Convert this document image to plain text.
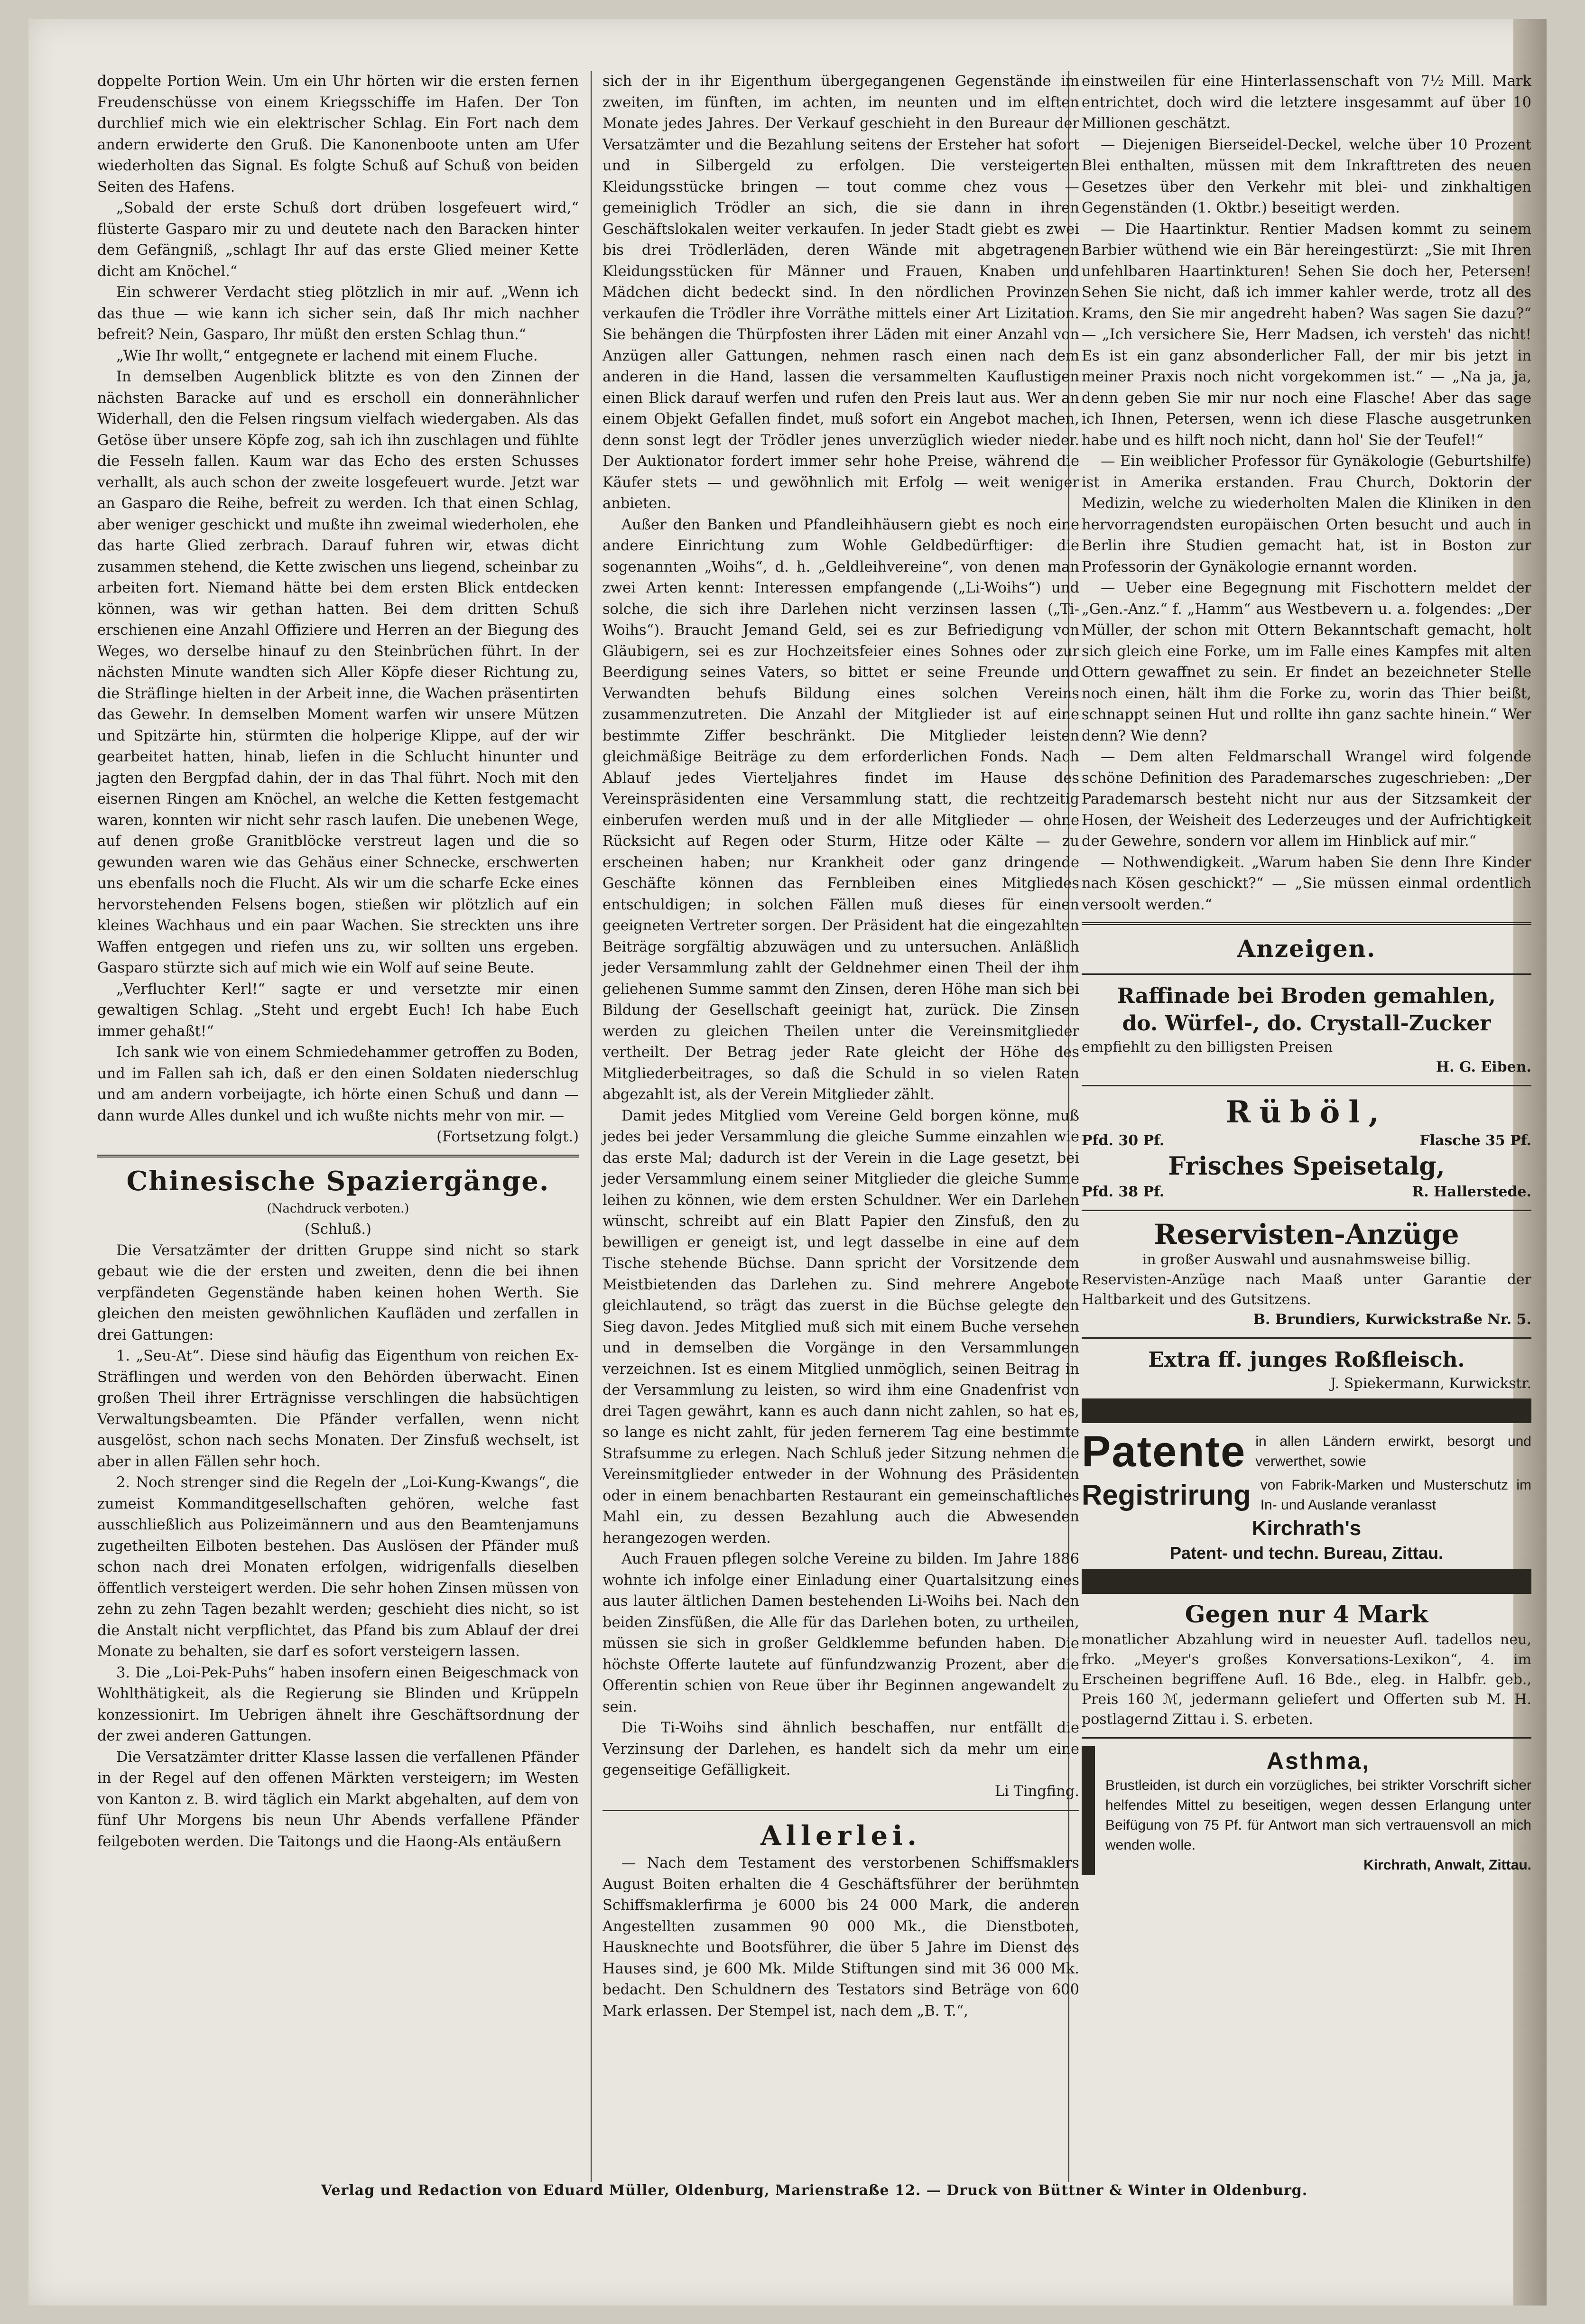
doppelte Portion Wein. Um ein Uhr hörten wir die ersten fernen Freudenschüsse von einem Kriegsschiffe im Hafen. Der Ton durchlief mich wie ein elektrischer Schlag. Ein Fort nach dem andern erwiderte den Gruß. Die Kanonenboote unten am Ufer wiederholten das Signal. Es folgte Schuß auf Schuß von beiden Seiten des Hafens.

„Sobald der erste Schuß dort drüben losgefeuert wird,“ flüsterte Gasparo mir zu und deutete nach den Baracken hinter dem Gefängniß, „schlagt Ihr auf das erste Glied meiner Kette dicht am Knöchel.“

Ein schwerer Verdacht stieg plötzlich in mir auf. „Wenn ich das thue — wie kann ich sicher sein, daß Ihr mich nachher befreit? Nein, Gasparo, Ihr müßt den ersten Schlag thun.“

„Wie Ihr wollt,“ entgegnete er lachend mit einem Fluche.

In demselben Augenblick blitzte es von den Zinnen der nächsten Baracke auf und es erscholl ein donnerähnlicher Widerhall, den die Felsen ringsum vielfach wiedergaben. Als das Getöse über unsere Köpfe zog, sah ich ihn zuschlagen und fühlte die Fesseln fallen. Kaum war das Echo des ersten Schusses verhallt, als auch schon der zweite losgefeuert wurde. Jetzt war an Gasparo die Reihe, befreit zu werden. Ich that einen Schlag, aber weniger geschickt und mußte ihn zweimal wiederholen, ehe das harte Glied zerbrach. Darauf fuhren wir, etwas dicht zusammen stehend, die Kette zwischen uns liegend, scheinbar zu arbeiten fort. Niemand hätte bei dem ersten Blick entdecken können, was wir gethan hatten. Bei dem dritten Schuß erschienen eine Anzahl Offiziere und Herren an der Biegung des Weges, wo derselbe hinauf zu den Steinbrüchen führt. In der nächsten Minute wandten sich Aller Köpfe dieser Richtung zu, die Sträflinge hielten in der Arbeit inne, die Wachen präsentirten das Gewehr. In demselben Moment warfen wir unsere Mützen und Spitzärte hin, stürmten die holperige Klippe, auf der wir gearbeitet hatten, hinab, liefen in die Schlucht hinunter und jagten den Bergpfad dahin, der in das Thal führt. Noch mit den eisernen Ringen am Knöchel, an welche die Ketten festgemacht waren, konnten wir nicht sehr rasch laufen. Die unebenen Wege, auf denen große Granitblöcke verstreut lagen und die so gewunden waren wie das Gehäus einer Schnecke, erschwerten uns ebenfalls noch die Flucht. Als wir um die scharfe Ecke eines hervorstehenden Felsens bogen, stießen wir plötzlich auf ein kleines Wachhaus und ein paar Wachen. Sie streckten uns ihre Waffen entgegen und riefen uns zu, wir sollten uns ergeben. Gasparo stürzte sich auf mich wie ein Wolf auf seine Beute.

„Verfluchter Kerl!“ sagte er und versetzte mir einen gewaltigen Schlag. „Steht und ergebt Euch! Ich habe Euch immer gehaßt!“

Ich sank wie von einem Schmiedehammer getroffen zu Boden, und im Fallen sah ich, daß er den einen Soldaten niederschlug und am andern vorbeijagte, ich hörte einen Schuß und dann — dann wurde Alles dunkel und ich wußte nichts mehr von mir. —

(Fortsetzung folgt.)

Chinesische Spaziergänge.

(Nachdruck verboten.)

(Schluß.)

Die Versatzämter der dritten Gruppe sind nicht so stark gebaut wie die der ersten und zweiten, denn die bei ihnen verpfändeten Gegenstände haben keinen hohen Werth. Sie gleichen den meisten gewöhnlichen Kaufläden und zerfallen in drei Gattungen:

1. „Seu-At“. Diese sind häufig das Eigenthum von reichen Ex-Sträflingen und werden von den Behörden überwacht. Einen großen Theil ihrer Erträgnisse verschlingen die habsüchtigen Verwaltungsbeamten. Die Pfänder verfallen, wenn nicht ausgelöst, schon nach sechs Monaten. Der Zinsfuß wechselt, ist aber in allen Fällen sehr hoch.

2. Noch strenger sind die Regeln der „Loi-Kung-Kwangs“, die zumeist Kommanditgesellschaften gehören, welche fast ausschließlich aus Polizeimännern und aus den Beamtenjamuns zugetheilten Eilboten bestehen. Das Auslösen der Pfänder muß schon nach drei Monaten erfolgen, widrigenfalls dieselben öffentlich versteigert werden. Die sehr hohen Zinsen müssen von zehn zu zehn Tagen bezahlt werden; geschieht dies nicht, so ist die Anstalt nicht verpflichtet, das Pfand bis zum Ablauf der drei Monate zu behalten, sie darf es sofort versteigern lassen.

3. Die „Loi-Pek-Puhs“ haben insofern einen Beigeschmack von Wohlthätigkeit, als die Regierung sie Blinden und Krüppeln konzessionirt. Im Uebrigen ähnelt ihre Geschäftsordnung der der zwei anderen Gattungen.

Die Versatzämter dritter Klasse lassen die verfallenen Pfänder in der Regel auf den offenen Märkten versteigern; im Westen von Kanton z. B. wird täglich ein Markt abgehalten, auf dem von fünf Uhr Morgens bis neun Uhr Abends verfallene Pfänder feilgeboten werden. Die Taitongs und die Haong-Als entäußern

sich der in ihr Eigenthum übergegangenen Gegenstände im zweiten, im fünften, im achten, im neunten und im elften Monate jedes Jahres. Der Verkauf geschieht in den Bureaur der Versatzämter und die Bezahlung seitens der Ersteher hat sofort und in Silbergeld zu erfolgen. Die versteigerten Kleidungsstücke bringen — tout comme chez vous — gemeiniglich Trödler an sich, die sie dann in ihren Geschäftslokalen weiter verkaufen. In jeder Stadt giebt es zwei bis drei Trödlerläden, deren Wände mit abgetragenen Kleidungsstücken für Männer und Frauen, Knaben und Mädchen dicht bedeckt sind. In den nördlichen Provinzen verkaufen die Trödler ihre Vorräthe mittels einer Art Lizitation. Sie behängen die Thürpfosten ihrer Läden mit einer Anzahl von Anzügen aller Gattungen, nehmen rasch einen nach dem anderen in die Hand, lassen die versammelten Kauflustigen einen Blick darauf werfen und rufen den Preis laut aus. Wer an einem Objekt Gefallen findet, muß sofort ein Angebot machen, denn sonst legt der Trödler jenes unverzüglich wieder nieder. Der Auktionator fordert immer sehr hohe Preise, während die Käufer stets — und gewöhnlich mit Erfolg — weit weniger anbieten.

Außer den Banken und Pfandleihhäusern giebt es noch eine andere Einrichtung zum Wohle Geldbedürftiger: die sogenannten „Woihs“, d. h. „Geldleihvereine“, von denen man zwei Arten kennt: Interessen empfangende („Li-Woihs“) und solche, die sich ihre Darlehen nicht verzinsen lassen („Ti-Woihs“). Braucht Jemand Geld, sei es zur Befriedigung von Gläubigern, sei es zur Hochzeitsfeier eines Sohnes oder zur Beerdigung seines Vaters, so bittet er seine Freunde und Verwandten behufs Bildung eines solchen Vereins zusammenzutreten. Die Anzahl der Mitglieder ist auf eine bestimmte Ziffer beschränkt. Die Mitglieder leisten gleichmäßige Beiträge zu dem erforderlichen Fonds. Nach Ablauf jedes Vierteljahres findet im Hause des Vereinspräsidenten eine Versammlung statt, die rechtzeitig einberufen werden muß und in der alle Mitglieder — ohne Rücksicht auf Regen oder Sturm, Hitze oder Kälte — zu erscheinen haben; nur Krankheit oder ganz dringende Geschäfte können das Fernbleiben eines Mitgliedes entschuldigen; in solchen Fällen muß dieses für einen geeigneten Vertreter sorgen. Der Präsident hat die eingezahlten Beiträge sorgfältig abzuwägen und zu untersuchen. Anläßlich jeder Versammlung zahlt der Geldnehmer einen Theil der ihm geliehenen Summe sammt den Zinsen, deren Höhe man sich bei Bildung der Gesellschaft geeinigt hat, zurück. Die Zinsen werden zu gleichen Theilen unter die Vereinsmitglieder vertheilt. Der Betrag jeder Rate gleicht der Höhe des Mitgliederbeitrages, so daß die Schuld in so vielen Raten abgezahlt ist, als der Verein Mitglieder zählt.

Damit jedes Mitglied vom Vereine Geld borgen könne, muß jedes bei jeder Versammlung die gleiche Summe einzahlen wie das erste Mal; dadurch ist der Verein in die Lage gesetzt, bei jeder Versammlung einem seiner Mitglieder die gleiche Summe leihen zu können, wie dem ersten Schuldner. Wer ein Darlehen wünscht, schreibt auf ein Blatt Papier den Zinsfuß, den zu bewilligen er geneigt ist, und legt dasselbe in eine auf dem Tische stehende Büchse. Dann spricht der Vorsitzende dem Meistbietenden das Darlehen zu. Sind mehrere Angebote gleichlautend, so trägt das zuerst in die Büchse gelegte den Sieg davon. Jedes Mitglied muß sich mit einem Buche versehen und in demselben die Vorgänge in den Versammlungen verzeichnen. Ist es einem Mitglied unmöglich, seinen Beitrag in der Versammlung zu leisten, so wird ihm eine Gnadenfrist von drei Tagen gewährt, kann es auch dann nicht zahlen, so hat es, so lange es nicht zahlt, für jeden fernerem Tag eine bestimmte Strafsumme zu erlegen. Nach Schluß jeder Sitzung nehmen die Vereinsmitglieder entweder in der Wohnung des Präsidenten oder in einem benachbarten Restaurant ein gemeinschaftliches Mahl ein, zu dessen Bezahlung auch die Abwesenden herangezogen werden.

Auch Frauen pflegen solche Vereine zu bilden. Im Jahre 1886 wohnte ich infolge einer Einladung einer Quartalsitzung eines aus lauter ältlichen Damen bestehenden Li-Woihs bei. Nach den beiden Zinsfüßen, die Alle für das Darlehen boten, zu urtheilen, müssen sie sich in großer Geldklemme befunden haben. Die höchste Offerte lautete auf fünfundzwanzig Prozent, aber die Offerentin schien von Reue über ihr Beginnen angewandelt zu sein.

Die Ti-Woihs sind ähnlich beschaffen, nur entfällt die Verzinsung der Darlehen, es handelt sich da mehr um eine gegenseitige Gefälligkeit.

Li Tingfing.

Allerlei.

— Nach dem Testament des verstorbenen Schiffsmaklers August Boiten erhalten die 4 Geschäftsführer der berühmten Schiffsmaklerfirma je 6000 bis 24 000 Mark, die anderen Angestellten zusammen 90 000 Mk., die Dienstboten, Hausknechte und Bootsführer, die über 5 Jahre im Dienst des Hauses sind, je 600 Mk. Milde Stiftungen sind mit 36 000 Mk. bedacht. Den Schuldnern des Testators sind Beträge von 600 Mark erlassen. Der Stempel ist, nach dem „B. T.“,

einstweilen für eine Hinterlassenschaft von 7½ Mill. Mark entrichtet, doch wird die letztere insgesammt auf über 10 Millionen geschätzt.

— Diejenigen Bierseidel-Deckel, welche über 10 Prozent Blei enthalten, müssen mit dem Inkrafttreten des neuen Gesetzes über den Verkehr mit blei- und zinkhaltigen Gegenständen (1. Oktbr.) beseitigt werden.

— Die Haartinktur. Rentier Madsen kommt zu seinem Barbier wüthend wie ein Bär hereingestürzt: „Sie mit Ihren unfehlbaren Haartinkturen! Sehen Sie doch her, Petersen! Sehen Sie nicht, daß ich immer kahler werde, trotz all des Krams, den Sie mir angedreht haben? Was sagen Sie dazu?“ — „Ich versichere Sie, Herr Madsen, ich versteh' das nicht! Es ist ein ganz absonderlicher Fall, der mir bis jetzt in meiner Praxis noch nicht vorgekommen ist.“ — „Na ja, ja, denn geben Sie mir nur noch eine Flasche! Aber das sage ich Ihnen, Petersen, wenn ich diese Flasche ausgetrunken habe und es hilft noch nicht, dann hol' Sie der Teufel!“

— Ein weiblicher Professor für Gynäkologie (Geburtshilfe) ist in Amerika erstanden. Frau Church, Doktorin der Medizin, welche zu wiederholten Malen die Kliniken in den hervorragendsten europäischen Orten besucht und auch in Berlin ihre Studien gemacht hat, ist in Boston zur Professorin der Gynäkologie ernannt worden.

— Ueber eine Begegnung mit Fischottern meldet der „Gen.-Anz.“ f. „Hamm“ aus Westbevern u. a. folgendes: „Der Müller, der schon mit Ottern Bekanntschaft gemacht, holt sich gleich eine Forke, um im Falle eines Kampfes mit alten Ottern gewaffnet zu sein. Er findet an bezeichneter Stelle noch einen, hält ihm die Forke zu, worin das Thier beißt, schnappt seinen Hut und rollte ihn ganz sachte hinein.“ Wer denn? Wie denn?

— Dem alten Feldmarschall Wrangel wird folgende schöne Definition des Parademarsches zugeschrieben: „Der Parademarsch besteht nicht nur aus der Sitzsamkeit der Hosen, der Weisheit des Lederzeuges und der Aufrichtigkeit der Gewehre, sondern vor allem im Hinblick auf mir.“

— Nothwendigkeit. „Warum haben Sie denn Ihre Kinder nach Kösen geschickt?“ — „Sie müssen einmal ordentlich versoolt werden.“

Anzeigen.
Raffinade bei Broden gemahlen,
do. Würfel-, do. Crystall-Zucker
empfiehlt zu den billigsten Preisen
H. G. Eiben.
Rüböl,
Pfd. 30 Pf.	Flasche 35 Pf.
Frisches Speisetalg,
Pfd. 38 Pf.	R. Hallerstede.
Reservisten-Anzüge
in großer Auswahl und ausnahmsweise billig.
Reservisten-Anzüge nach Maaß unter Garantie der Haltbarkeit und des Gutsitzens.
B. Brundiers, Kurwickstraße Nr. 5.
Extra ff. junges Roßfleisch.
J. Spiekermann, Kurwickstr.
Patente in allen Ländern erwirkt, besorgt und verwerthet, sowie
Registrirung von Fabrik-Marken und Musterschutz im In- und Auslande veranlasst
Kirchrath's
Patent- und techn. Bureau, Zittau.
Gegen nur 4 Mark
monatlicher Abzahlung wird in neuester Aufl. tadellos neu, frko. „Meyer's großes Konversations-Lexikon“, 4. im Erscheinen begriffene Aufl. 16 Bde., eleg. in Halbfr. geb., Preis 160 ℳ, jedermann geliefert und Offerten sub M. H. postlagernd Zittau i. S. erbeten.
Asthma,
Brustleiden, ist durch ein vorzügliches, bei strikter Vorschrift sicher helfendes Mittel zu beseitigen, wegen dessen Erlangung unter Beifügung von 75 Pf. für Antwort man sich vertrauensvoll an mich wenden wolle.
Kirchrath, Anwalt, Zittau.
Verlag und Redaction von Eduard Müller, Oldenburg, Marienstraße 12. — Druck von Büttner & Winter in Oldenburg.
